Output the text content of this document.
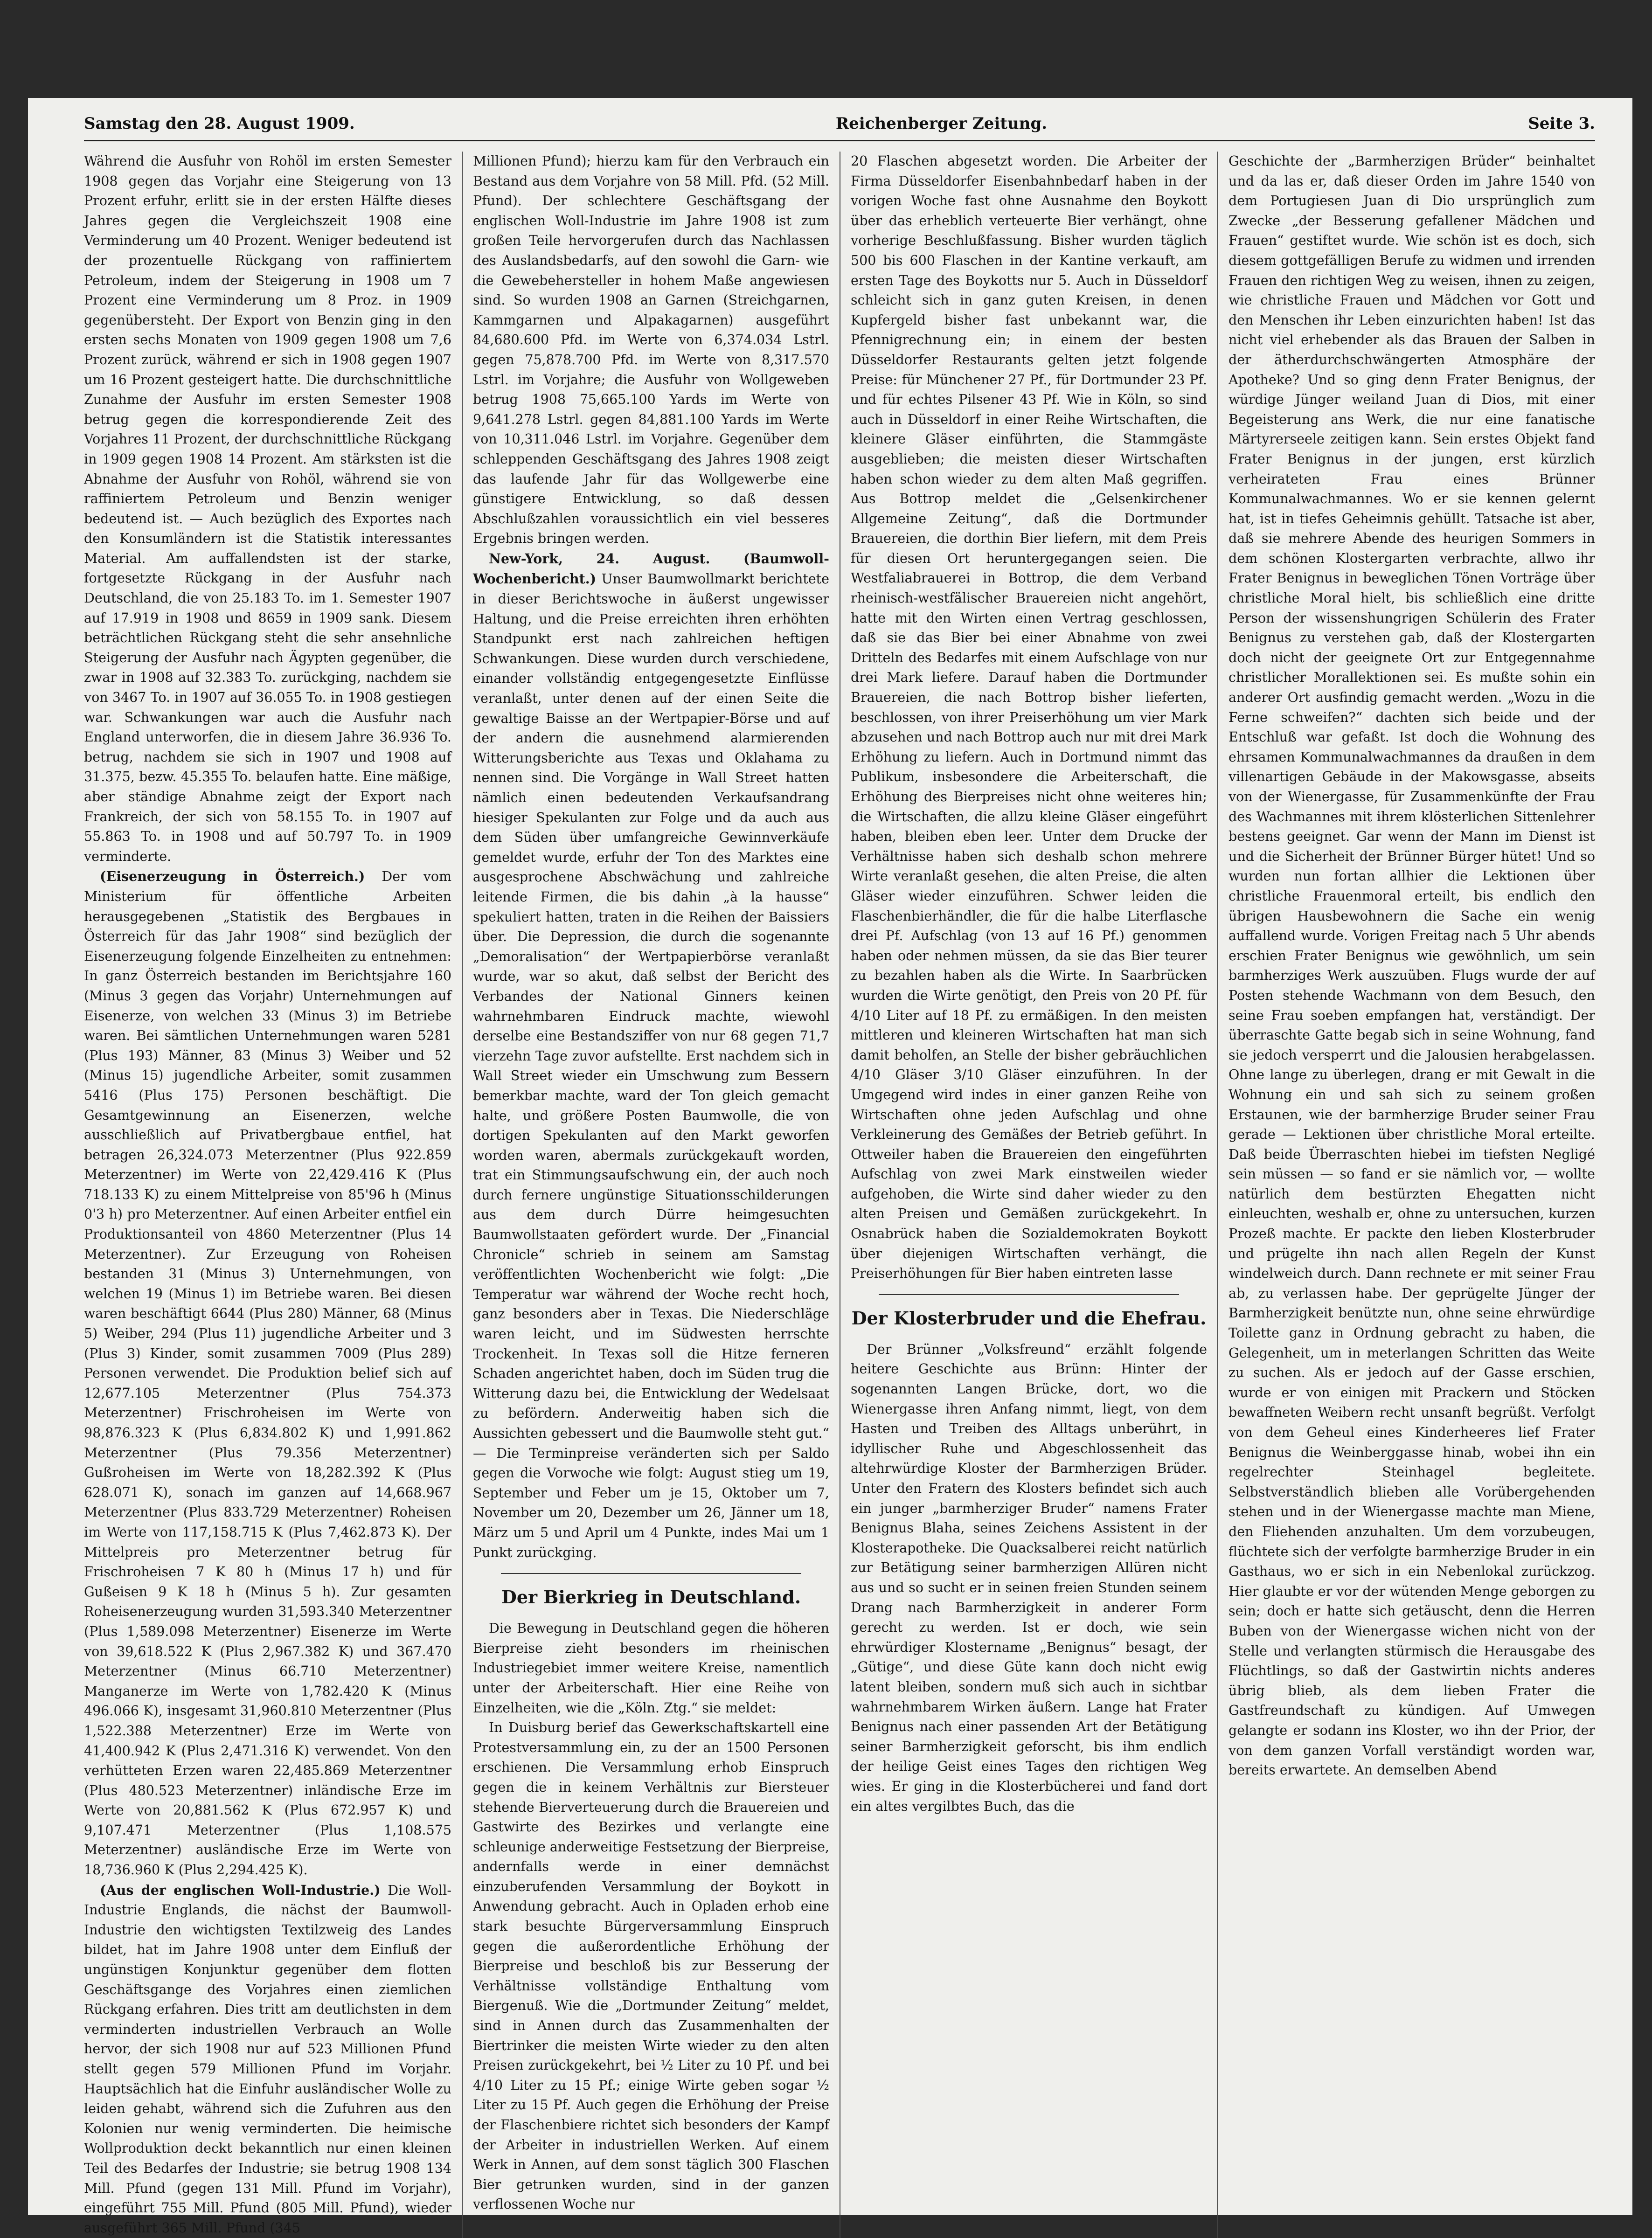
Samstag den 28. August 1909.	Reichenberger Zeitung.	Seite 3.

Während die Ausfuhr von Rohöl im ersten Semester 1908 gegen das Vorjahr eine Steigerung von 13 Prozent erfuhr, erlitt sie in der ersten Hälfte dieses Jahres gegen die Vergleichszeit 1908 eine Verminderung um 40 Prozent. Weniger bedeutend ist der prozentuelle Rückgang von raffiniertem Petroleum, indem der Steigerung in 1908 um 7 Prozent eine Verminderung um 8 Proz. in 1909 gegenübersteht. Der Export von Benzin ging in den ersten sechs Monaten von 1909 gegen 1908 um 7,6 Prozent zurück, während er sich in 1908 gegen 1907 um 16 Prozent gesteigert hatte. Die durchschnittliche Zunahme der Ausfuhr im ersten Semester 1908 betrug gegen die korrespondierende Zeit des Vorjahres 11 Prozent, der durchschnittliche Rückgang in 1909 gegen 1908 14 Prozent. Am stärksten ist die Abnahme der Ausfuhr von Rohöl, während sie von raffiniertem Petroleum und Benzin weniger bedeutend ist. — Auch bezüglich des Exportes nach den Konsumländern ist die Statistik interessantes Material. Am auffallendsten ist der starke, fortgesetzte Rückgang in der Ausfuhr nach Deutschland, die von 25.183 To. im 1. Semester 1907 auf 17.919 in 1908 und 8659 in 1909 sank. Diesem beträchtlichen Rückgang steht die sehr ansehnliche Steigerung der Ausfuhr nach Ägypten gegenüber, die zwar in 1908 auf 32.383 To. zurückging, nachdem sie von 3467 To. in 1907 auf 36.055 To. in 1908 gestiegen war. Schwankungen war auch die Ausfuhr nach England unterworfen, die in diesem Jahre 36.936 To. betrug, nachdem sie sich in 1907 und 1908 auf 31.375, bezw. 45.355 To. belaufen hatte. Eine mäßige, aber ständige Abnahme zeigt der Export nach Frankreich, der sich von 58.155 To. in 1907 auf 55.863 To. in 1908 und auf 50.797 To. in 1909 verminderte.

(Eisenerzeugung in Österreich.) Der vom Ministerium für öffentliche Arbeiten herausgegebenen „Statistik des Bergbaues in Österreich für das Jahr 1908“ sind bezüglich der Eisenerzeugung folgende Einzelheiten zu entnehmen: In ganz Österreich bestanden im Berichtsjahre 160 (Minus 3 gegen das Vorjahr) Unternehmungen auf Eisenerze, von welchen 33 (Minus 3) im Betriebe waren. Bei sämtlichen Unternehmungen waren 5281 (Plus 193) Männer, 83 (Minus 3) Weiber und 52 (Minus 15) jugendliche Arbeiter, somit zusammen 5416 (Plus 175) Personen beschäftigt. Die Gesamtgewinnung an Eisenerzen, welche ausschließlich auf Privatbergbaue entfiel, hat betragen 26,324.073 Meterzentner (Plus 922.859 Meterzentner) im Werte von 22,429.416 K (Plus 718.133 K) zu einem Mittelpreise von 85'96 h (Minus 0'3 h) pro Meterzentner. Auf einen Arbeiter entfiel ein Produktionsanteil von 4860 Meterzentner (Plus 14 Meterzentner). Zur Erzeugung von Roheisen bestanden 31 (Minus 3) Unternehmungen, von welchen 19 (Minus 1) im Betriebe waren. Bei diesen waren beschäftigt 6644 (Plus 280) Männer, 68 (Minus 5) Weiber, 294 (Plus 11) jugendliche Arbeiter und 3 (Plus 3) Kinder, somit zusammen 7009 (Plus 289) Personen verwendet. Die Produktion belief sich auf 12,677.105 Meterzentner (Plus 754.373 Meterzentner) Frischroheisen im Werte von 98,876.323 K (Plus 6,834.802 K) und 1,991.862 Meterzentner (Plus 79.356 Meterzentner) Gußroheisen im Werte von 18,282.392 K (Plus 628.071 K), sonach im ganzen auf 14,668.967 Meterzentner (Plus 833.729 Meterzentner) Roheisen im Werte von 117,158.715 K (Plus 7,462.873 K). Der Mittelpreis pro Meterzentner betrug für Frischroheisen 7 K 80 h (Minus 17 h) und für Gußeisen 9 K 18 h (Minus 5 h). Zur gesamten Roheisenerzeugung wurden 31,593.340 Meterzentner (Plus 1,589.098 Meterzentner) Eisenerze im Werte von 39,618.522 K (Plus 2,967.382 K) und 367.470 Meterzentner (Minus 66.710 Meterzentner) Manganerze im Werte von 1,782.420 K (Minus 496.066 K), insgesamt 31,960.810 Meterzentner (Plus 1,522.388 Meterzentner) Erze im Werte von 41,400.942 K (Plus 2,471.316 K) verwendet. Von den verhütteten Erzen waren 22,485.869 Meterzentner (Plus 480.523 Meterzentner) inländische Erze im Werte von 20,881.562 K (Plus 672.957 K) und 9,107.471 Meterzentner (Plus 1,108.575 Meterzentner) ausländische Erze im Werte von 18,736.960 K (Plus 2,294.425 K).

(Aus der englischen Woll-Industrie.) Die Woll-Industrie Englands, die nächst der Baumwoll-Industrie den wichtigsten Textilzweig des Landes bildet, hat im Jahre 1908 unter dem Einfluß der ungünstigen Konjunktur gegenüber dem flotten Geschäftsgange des Vorjahres einen ziemlichen Rückgang erfahren. Dies tritt am deutlichsten in dem verminderten industriellen Verbrauch an Wolle hervor, der sich 1908 nur auf 523 Millionen Pfund stellt gegen 579 Millionen Pfund im Vorjahr. Hauptsächlich hat die Einfuhr ausländischer Wolle zu leiden gehabt, während sich die Zufuhren aus den Kolonien nur wenig verminderten. Die heimische Wollproduktion deckt bekanntlich nur einen kleinen Teil des Bedarfes der Industrie; sie betrug 1908 134 Mill. Pfund (gegen 131 Mill. Pfund im Vorjahr), eingeführt 755 Mill. Pfund (805 Mill. Pfund), wieder ausgeführt 365 Mill. Pfund (345

Millionen Pfund); hierzu kam für den Verbrauch ein Bestand aus dem Vorjahre von 58 Mill. Pfd. (52 Mill. Pfund). Der schlechtere Geschäftsgang der englischen Woll-Industrie im Jahre 1908 ist zum großen Teile hervorgerufen durch das Nachlassen des Auslandsbedarfs, auf den sowohl die Garn- wie die Gewebehersteller in hohem Maße angewiesen sind. So wurden 1908 an Garnen (Streichgarnen, Kammgarnen und Alpakagarnen) ausgeführt 84,680.600 Pfd. im Werte von 6,374.034 Lstrl. gegen 75,878.700 Pfd. im Werte von 8,317.570 Lstrl. im Vorjahre; die Ausfuhr von Wollgeweben betrug 1908 75,665.100 Yards im Werte von 9,641.278 Lstrl. gegen 84,881.100 Yards im Werte von 10,311.046 Lstrl. im Vorjahre. Gegenüber dem schleppenden Geschäftsgang des Jahres 1908 zeigt das laufende Jahr für das Wollgewerbe eine günstigere Entwicklung, so daß dessen Abschlußzahlen voraussichtlich ein viel besseres Ergebnis bringen werden.

New-York, 24. August. (Baumwoll-Wochenbericht.) Unser Baumwollmarkt berichtete in dieser Berichtswoche in äußerst ungewisser Haltung, und die Preise erreichten ihren erhöhten Standpunkt erst nach zahlreichen heftigen Schwankungen. Diese wurden durch verschiedene, einander vollständig entgegengesetzte Einflüsse veranlaßt, unter denen auf der einen Seite die gewaltige Baisse an der Wertpapier-Börse und auf der andern die ausnehmend alarmierenden Witterungsberichte aus Texas und Oklahama zu nennen sind. Die Vorgänge in Wall Street hatten nämlich einen bedeutenden Verkaufsandrang hiesiger Spekulanten zur Folge und da auch aus dem Süden über umfangreiche Gewinnverkäufe gemeldet wurde, erfuhr der Ton des Marktes eine ausgesprochene Abschwächung und zahlreiche leitende Firmen, die bis dahin „à la hausse“ spekuliert hatten, traten in die Reihen der Baissiers über. Die Depression, die durch die sogenannte „Demoralisation“ der Wertpapierbörse veranlaßt wurde, war so akut, daß selbst der Bericht des Verbandes der National Ginners keinen wahrnehmbaren Eindruck machte, wiewohl derselbe eine Bestandsziffer von nur 68 gegen 71,7 vierzehn Tage zuvor aufstellte. Erst nachdem sich in Wall Street wieder ein Umschwung zum Bessern bemerkbar machte, ward der Ton gleich gemacht halte, und größere Posten Baumwolle, die von dortigen Spekulanten auf den Markt geworfen worden waren, abermals zurückgekauft worden, trat ein Stimmungsaufschwung ein, der auch noch durch fernere ungünstige Situationsschilderungen aus dem durch Dürre heimgesuchten Baumwollstaaten gefördert wurde. Der „Financial Chronicle“ schrieb in seinem am Samstag veröffentlichten Wochenbericht wie folgt: „Die Temperatur war während der Woche recht hoch, ganz besonders aber in Texas. Die Niederschläge waren leicht, und im Südwesten herrschte Trockenheit. In Texas soll die Hitze ferneren Schaden angerichtet haben, doch im Süden trug die Witterung dazu bei, die Entwicklung der Wedelsaat zu befördern. Anderweitig haben sich die Aussichten gebessert und die Baumwolle steht gut.“ — Die Terminpreise veränderten sich per Saldo gegen die Vorwoche wie folgt: August stieg um 19, September und Feber um je 15, Oktober um 7, November um 20, Dezember um 26, Jänner um 18, März um 5 und April um 4 Punkte, indes Mai um 1 Punkt zurückging.

Der Bierkrieg in Deutschland.

Die Bewegung in Deutschland gegen die höheren Bierpreise zieht besonders im rheinischen Industriegebiet immer weitere Kreise, namentlich unter der Arbeiterschaft. Hier eine Reihe von Einzelheiten, wie die „Köln. Ztg.“ sie meldet:

In Duisburg berief das Gewerkschaftskartell eine Protestversammlung ein, zu der an 1500 Personen erschienen. Die Versammlung erhob Einspruch gegen die in keinem Verhältnis zur Biersteuer stehende Bierverteuerung durch die Brauereien und Gastwirte des Bezirkes und verlangte eine schleunige anderweitige Festsetzung der Bierpreise, andernfalls werde in einer demnächst einzuberufenden Versammlung der Boykott in Anwendung gebracht. Auch in Opladen erhob eine stark besuchte Bürgerversammlung Einspruch gegen die außerordentliche Erhöhung der Bierpreise und beschloß bis zur Besserung der Verhältnisse vollständige Enthaltung vom Biergenuß. Wie die „Dortmunder Zeitung“ meldet, sind in Annen durch das Zusammenhalten der Biertrinker die meisten Wirte wieder zu den alten Preisen zurückgekehrt, bei ½ Liter zu 10 Pf. und bei 4/10 Liter zu 15 Pf.; einige Wirte geben sogar ½ Liter zu 15 Pf. Auch gegen die Erhöhung der Preise der Flaschenbiere richtet sich besonders der Kampf der Arbeiter in industriellen Werken. Auf einem Werk in Annen, auf dem sonst täglich 300 Flaschen Bier getrunken wurden, sind in der ganzen verflossenen Woche nur

20 Flaschen abgesetzt worden. Die Arbeiter der Firma Düsseldorfer Eisenbahnbedarf haben in der vorigen Woche fast ohne Ausnahme den Boykott über das erheblich verteuerte Bier verhängt, ohne vorherige Beschlußfassung. Bisher wurden täglich 500 bis 600 Flaschen in der Kantine verkauft, am ersten Tage des Boykotts nur 5. Auch in Düsseldorf schleicht sich in ganz guten Kreisen, in denen Kupfergeld bisher fast unbekannt war, die Pfennigrechnung ein; in einem der besten Düsseldorfer Restaurants gelten jetzt folgende Preise: für Münchener 27 Pf., für Dortmunder 23 Pf. und für echtes Pilsener 43 Pf. Wie in Köln, so sind auch in Düsseldorf in einer Reihe Wirtschaften, die kleinere Gläser einführten, die Stammgäste ausgeblieben; die meisten dieser Wirtschaften haben schon wieder zu dem alten Maß gegriffen. Aus Bottrop meldet die „Gelsenkirchener Allgemeine Zeitung“, daß die Dortmunder Brauereien, die dorthin Bier liefern, mit dem Preis für diesen Ort heruntergegangen seien. Die Westfaliabrauerei in Bottrop, die dem Verband rheinisch-westfälischer Brauereien nicht angehört, hatte mit den Wirten einen Vertrag geschlossen, daß sie das Bier bei einer Abnahme von zwei Dritteln des Bedarfes mit einem Aufschlage von nur drei Mark liefere. Darauf haben die Dortmunder Brauereien, die nach Bottrop bisher lieferten, beschlossen, von ihrer Preiserhöhung um vier Mark abzusehen und nach Bottrop auch nur mit drei Mark Erhöhung zu liefern. Auch in Dortmund nimmt das Publikum, insbesondere die Arbeiterschaft, die Erhöhung des Bierpreises nicht ohne weiteres hin; die Wirtschaften, die allzu kleine Gläser eingeführt haben, bleiben eben leer. Unter dem Drucke der Verhältnisse haben sich deshalb schon mehrere Wirte veranlaßt gesehen, die alten Preise, die alten Gläser wieder einzuführen. Schwer leiden die Flaschenbierhändler, die für die halbe Literflasche drei Pf. Aufschlag (von 13 auf 16 Pf.) genommen haben oder nehmen müssen, da sie das Bier teurer zu bezahlen haben als die Wirte. In Saarbrücken wurden die Wirte genötigt, den Preis von 20 Pf. für 4/10 Liter auf 18 Pf. zu ermäßigen. In den meisten mittleren und kleineren Wirtschaften hat man sich damit beholfen, an Stelle der bisher gebräuchlichen 4/10 Gläser 3/10 Gläser einzuführen. In der Umgegend wird indes in einer ganzen Reihe von Wirtschaften ohne jeden Aufschlag und ohne Verkleinerung des Gemäßes der Betrieb geführt. In Ottweiler haben die Brauereien den eingeführten Aufschlag von zwei Mark einstweilen wieder aufgehoben, die Wirte sind daher wieder zu den alten Preisen und Gemäßen zurückgekehrt. In Osnabrück haben die Sozialdemokraten Boykott über diejenigen Wirtschaften verhängt, die Preiserhöhungen für Bier haben eintreten lasse

Der Klosterbruder und die Ehefrau.

Der Brünner „Volksfreund“ erzählt folgende heitere Geschichte aus Brünn: Hinter der sogenannten Langen Brücke, dort, wo die Wienergasse ihren Anfang nimmt, liegt, von dem Hasten und Treiben des Alltags unberührt, in idyllischer Ruhe und Abgeschlossenheit das altehrwürdige Kloster der Barmherzigen Brüder. Unter den Fratern des Klosters befindet sich auch ein junger „barmherziger Bruder“ namens Frater Benignus Blaha, seines Zeichens Assistent in der Klosterapotheke. Die Quacksalberei reicht natürlich zur Betätigung seiner barmherzigen Allüren nicht aus und so sucht er in seinen freien Stunden seinem Drang nach Barmherzigkeit in anderer Form gerecht zu werden. Ist er doch, wie sein ehrwürdiger Klostername „Benignus“ besagt, der „Gütige“, und diese Güte kann doch nicht ewig latent bleiben, sondern muß sich auch in sichtbar wahrnehmbarem Wirken äußern. Lange hat Frater Benignus nach einer passenden Art der Betätigung seiner Barmherzigkeit geforscht, bis ihm endlich der heilige Geist eines Tages den richtigen Weg wies. Er ging in die Klosterbücherei und fand dort ein altes vergilbtes Buch, das die

Geschichte der „Barmherzigen Brüder“ beinhaltet und da las er, daß dieser Orden im Jahre 1540 von dem Portugiesen Juan di Dio ursprünglich zum Zwecke „der Besserung gefallener Mädchen und Frauen“ gestiftet wurde. Wie schön ist es doch, sich diesem gottgefälligen Berufe zu widmen und irrenden Frauen den richtigen Weg zu weisen, ihnen zu zeigen, wie christliche Frauen und Mädchen vor Gott und den Menschen ihr Leben einzurichten haben! Ist das nicht viel erhebender als das Brauen der Salben in der ätherdurchschwängerten Atmosphäre der Apotheke? Und so ging denn Frater Benignus, der würdige Jünger weiland Juan di Dios, mit einer Begeisterung ans Werk, die nur eine fanatische Märtyrerseele zeitigen kann. Sein erstes Objekt fand Frater Benignus in der jungen, erst kürzlich verheirateten Frau eines Brünner Kommunalwachmannes. Wo er sie kennen gelernt hat, ist in tiefes Geheimnis gehüllt. Tatsache ist aber, daß sie mehrere Abende des heurigen Sommers in dem schönen Klostergarten verbrachte, allwo ihr Frater Benignus in beweglichen Tönen Vorträge über christliche Moral hielt, bis schließlich eine dritte Person der wissenshungrigen Schülerin des Frater Benignus zu verstehen gab, daß der Klostergarten doch nicht der geeignete Ort zur Entgegennahme christlicher Morallektionen sei. Es mußte sohin ein anderer Ort ausfindig gemacht werden. „Wozu in die Ferne schweifen?“ dachten sich beide und der Entschluß war gefaßt. Ist doch die Wohnung des ehrsamen Kommunalwachmannes da draußen in dem villenartigen Gebäude in der Makowsgasse, abseits von der Wienergasse, für Zusammenkünfte der Frau des Wachmannes mit ihrem klösterlichen Sittenlehrer bestens geeignet. Gar wenn der Mann im Dienst ist und die Sicherheit der Brünner Bürger hütet! Und so wurden nun fortan allhier die Lektionen über christliche Frauenmoral erteilt, bis endlich den übrigen Hausbewohnern die Sache ein wenig auffallend wurde. Vorigen Freitag nach 5 Uhr abends erschien Frater Benignus wie gewöhnlich, um sein barmherziges Werk auszuüben. Flugs wurde der auf Posten stehende Wachmann von dem Besuch, den seine Frau soeben empfangen hat, verständigt. Der überraschte Gatte begab sich in seine Wohnung, fand sie jedoch versperrt und die Jalousien herabgelassen. Ohne lange zu überlegen, drang er mit Gewalt in die Wohnung ein und sah sich zu seinem großen Erstaunen, wie der barmherzige Bruder seiner Frau gerade — Lektionen über christliche Moral erteilte. Daß beide Überraschten hiebei im tiefsten Negligé sein müssen — so fand er sie nämlich vor, — wollte natürlich dem bestürzten Ehegatten nicht einleuchten, weshalb er, ohne zu untersuchen, kurzen Prozeß machte. Er packte den lieben Klosterbruder und prügelte ihn nach allen Regeln der Kunst windelweich durch. Dann rechnete er mit seiner Frau ab, zu verlassen habe. Der geprügelte Jünger der Barmherzigkeit benützte nun, ohne seine ehrwürdige Toilette ganz in Ordnung gebracht zu haben, die Gelegenheit, um in meterlangen Schritten das Weite zu suchen. Als er jedoch auf der Gasse erschien, wurde er von einigen mit Prackern und Stöcken bewaffneten Weibern recht unsanft begrüßt. Verfolgt von dem Geheul eines Kinderheeres lief Frater Benignus die Weinberggasse hinab, wobei ihn ein regelrechter Steinhagel begleitete. Selbstverständlich blieben alle Vorübergehenden stehen und in der Wienergasse machte man Miene, den Fliehenden anzuhalten. Um dem vorzubeugen, flüchtete sich der verfolgte barmherzige Bruder in ein Gasthaus, wo er sich in ein Nebenlokal zurückzog. Hier glaubte er vor der wütenden Menge geborgen zu sein; doch er hatte sich getäuscht, denn die Herren Buben von der Wienergasse wichen nicht von der Stelle und verlangten stürmisch die Herausgabe des Flüchtlings, so daß der Gastwirtin nichts anderes übrig blieb, als dem lieben Frater die Gastfreundschaft zu kündigen. Auf Umwegen gelangte er sodann ins Kloster, wo ihn der Prior, der von dem ganzen Vorfall verständigt worden war, bereits erwartete. An demselben Abend
